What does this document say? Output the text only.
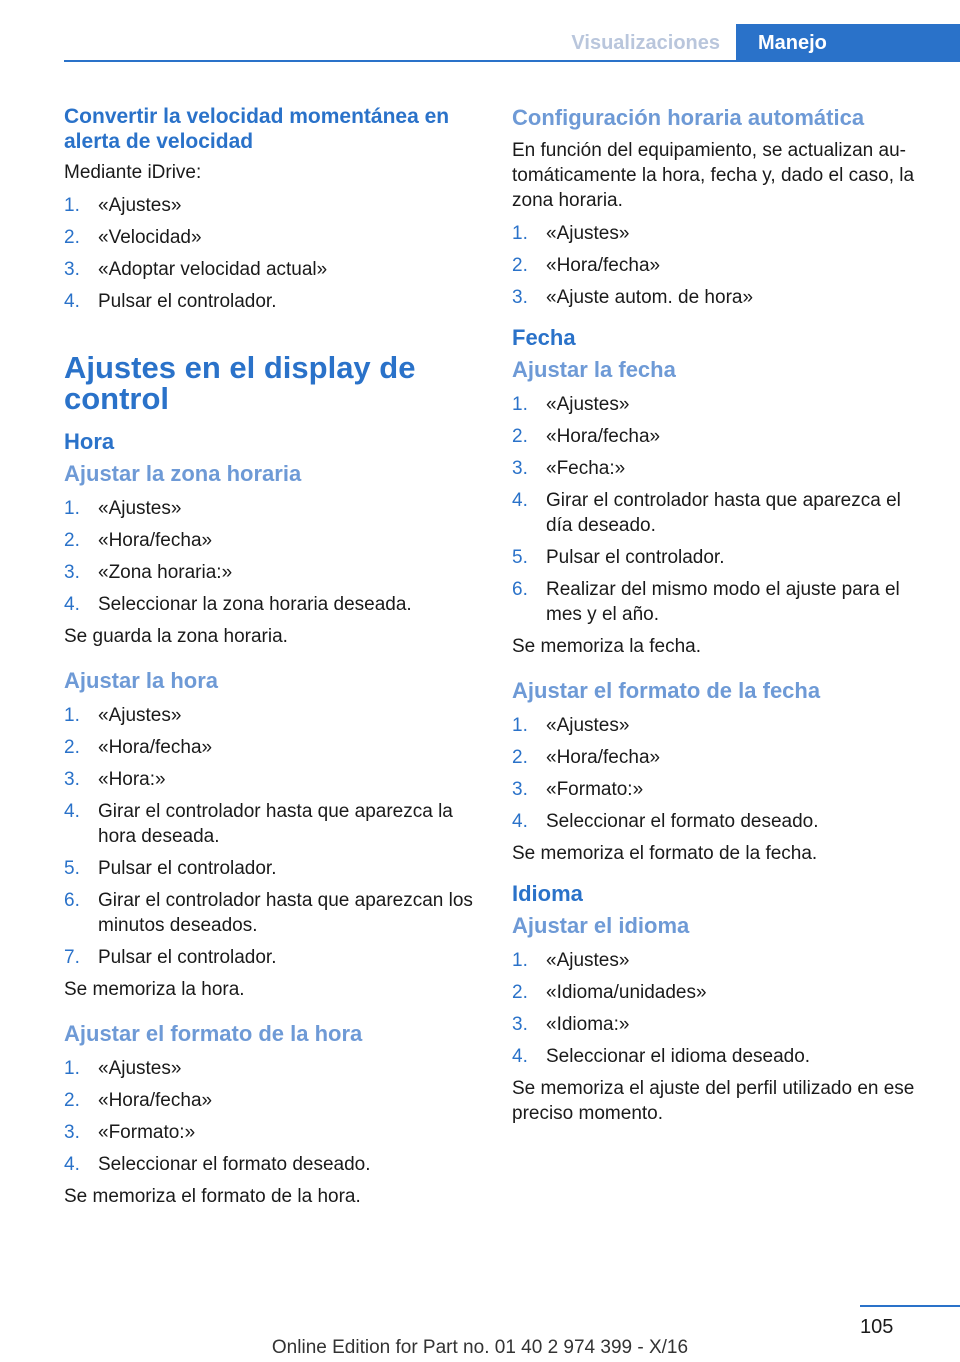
Visualizaciones	Manejo
Convertir la velocidad momentánea en alerta de velocidad
Mediante iDrive:
1. «Ajustes»
2. «Velocidad»
3. «Adoptar velocidad actual»
4. Pulsar el controlador.
Ajustes en el display de control
Hora
Ajustar la zona horaria
1. «Ajustes»
2. «Hora/fecha»
3. «Zona horaria:»
4. Seleccionar la zona horaria deseada.
Se guarda la zona horaria.
Ajustar la hora
1. «Ajustes»
2. «Hora/fecha»
3. «Hora:»
4. Girar el controlador hasta que aparezca la hora deseada.
5. Pulsar el controlador.
6. Girar el controlador hasta que aparezcan los minutos deseados.
7. Pulsar el controlador.
Se memoriza la hora.
Ajustar el formato de la hora
1. «Ajustes»
2. «Hora/fecha»
3. «Formato:»
4. Seleccionar el formato deseado.
Se memoriza el formato de la hora.
Configuración horaria automática
En función del equipamiento, se actualizan automáticamente la hora, fecha y, dado el caso, la zona horaria.
1. «Ajustes»
2. «Hora/fecha»
3. «Ajuste autom. de hora»
Fecha
Ajustar la fecha
1. «Ajustes»
2. «Hora/fecha»
3. «Fecha:»
4. Girar el controlador hasta que aparezca el día deseado.
5. Pulsar el controlador.
6. Realizar del mismo modo el ajuste para el mes y el año.
Se memoriza la fecha.
Ajustar el formato de la fecha
1. «Ajustes»
2. «Hora/fecha»
3. «Formato:»
4. Seleccionar el formato deseado.
Se memoriza el formato de la fecha.
Idioma
Ajustar el idioma
1. «Ajustes»
2. «Idioma/unidades»
3. «Idioma:»
4. Seleccionar el idioma deseado.
Se memoriza el ajuste del perfil utilizado en ese preciso momento.
105
Online Edition for Part no. 01 40 2 974 399 - X/16
